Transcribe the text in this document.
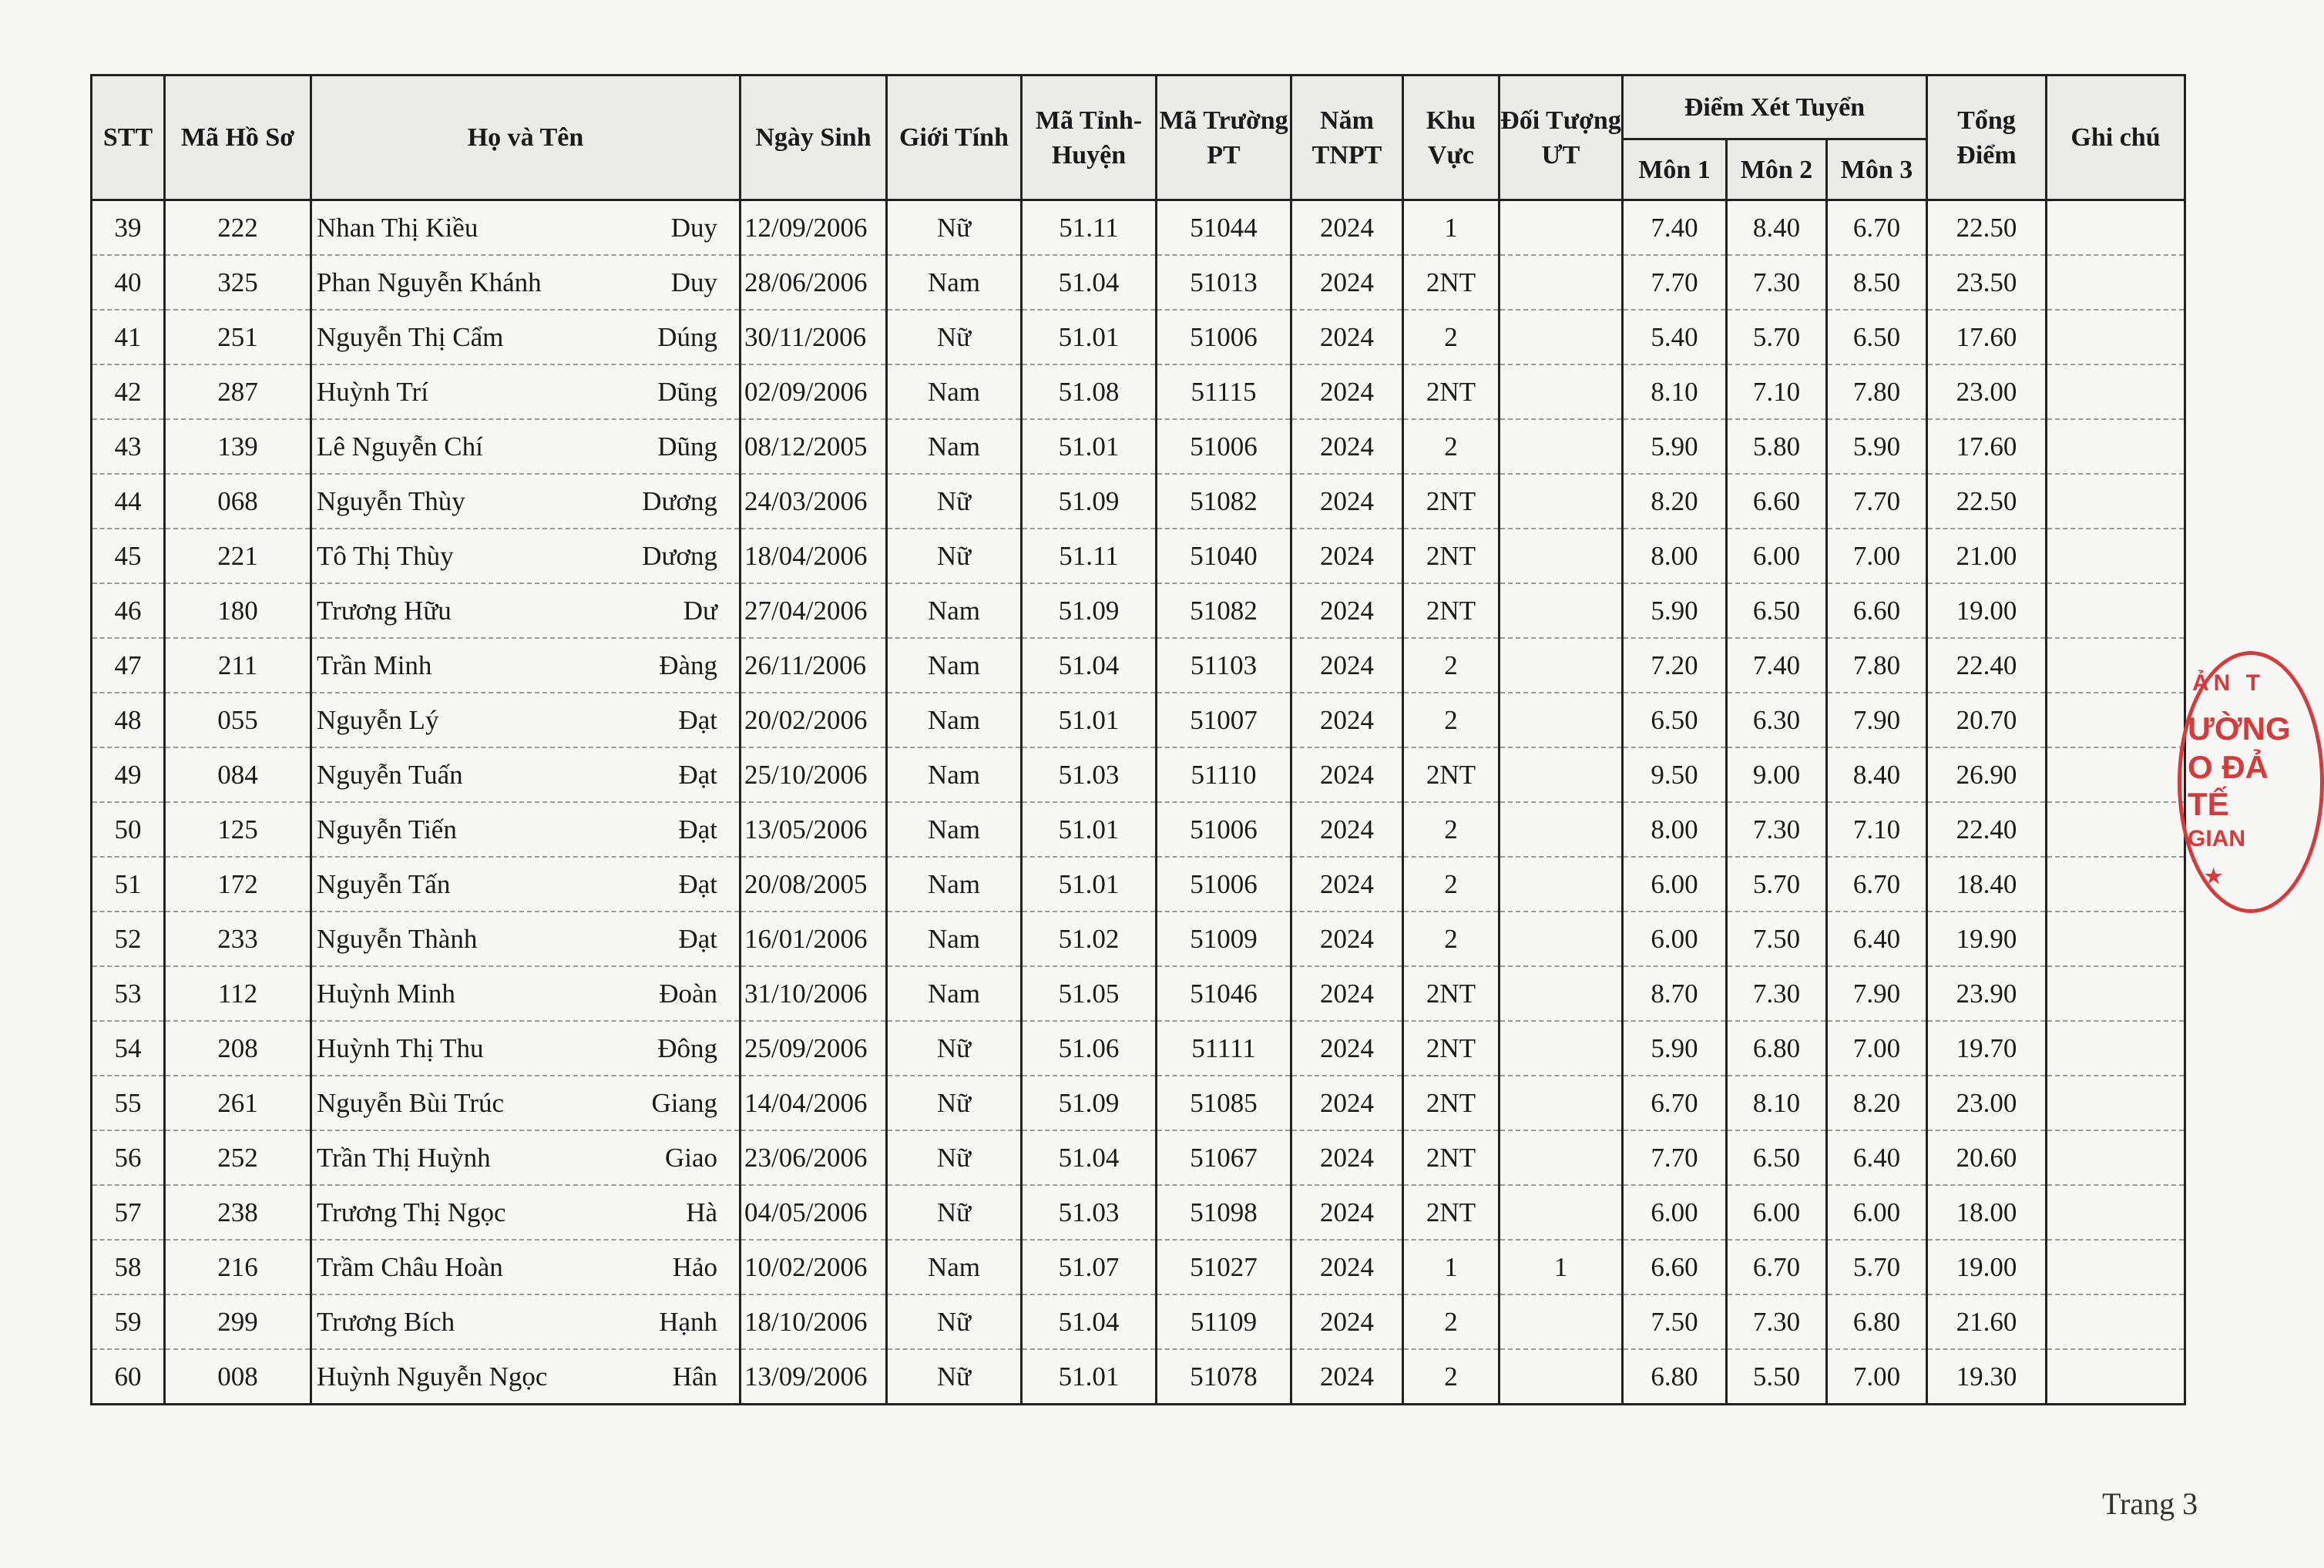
STT	Mã Hồ Sơ	Họ và Tên	Ngày Sinh	Giới Tính	Mã Tỉnh-Huyện	Mã Trường PT	Năm TNPT	Khu Vực	Đối Tượng ƯT	Điểm Xét Tuyển			Tổng Điểm	Ghi chú
										Môn 1	Môn 2	Môn 3		
39	222	Nhan Thị Kiều Duy	12/09/2006	Nữ	51.11	51044	2024	1		7.40	8.40	6.70	22.50	
40	325	Phan Nguyễn Khánh Duy	28/06/2006	Nam	51.04	51013	2024	2NT		7.70	7.30	8.50	23.50	
41	251	Nguyễn Thị Cẩm Dúng	30/11/2006	Nữ	51.01	51006	2024	2		5.40	5.70	6.50	17.60	
42	287	Huỳnh Trí Dũng	02/09/2006	Nam	51.08	51115	2024	2NT		8.10	7.10	7.80	23.00	
43	139	Lê Nguyễn Chí Dũng	08/12/2005	Nam	51.01	51006	2024	2		5.90	5.80	5.90	17.60	
44	068	Nguyễn Thùy Dương	24/03/2006	Nữ	51.09	51082	2024	2NT		8.20	6.60	7.70	22.50	
45	221	Tô Thị Thùy Dương	18/04/2006	Nữ	51.11	51040	2024	2NT		8.00	6.00	7.00	21.00	
46	180	Trương Hữu Dư	27/04/2006	Nam	51.09	51082	2024	2NT		5.90	6.50	6.60	19.00	
47	211	Trần Minh Đàng	26/11/2006	Nam	51.04	51103	2024	2		7.20	7.40	7.80	22.40	
48	055	Nguyễn Lý Đạt	20/02/2006	Nam	51.01	51007	2024	2		6.50	6.30	7.90	20.70	
49	084	Nguyễn Tuấn Đạt	25/10/2006	Nam	51.03	51110	2024	2NT		9.50	9.00	8.40	26.90	
50	125	Nguyễn Tiến Đạt	13/05/2006	Nam	51.01	51006	2024	2		8.00	7.30	7.10	22.40	
51	172	Nguyễn Tấn Đạt	20/08/2005	Nam	51.01	51006	2024	2		6.00	5.70	6.70	18.40	
52	233	Nguyễn Thành Đạt	16/01/2006	Nam	51.02	51009	2024	2		6.00	7.50	6.40	19.90	
53	112	Huỳnh Minh Đoàn	31/10/2006	Nam	51.05	51046	2024	2NT		8.70	7.30	7.90	23.90	
54	208	Huỳnh Thị Thu Đông	25/09/2006	Nữ	51.06	51111	2024	2NT		5.90	6.80	7.00	19.70	
55	261	Nguyễn Bùi Trúc Giang	14/04/2006	Nữ	51.09	51085	2024	2NT		6.70	8.10	8.20	23.00	
56	252	Trần Thị Huỳnh Giao	23/06/2006	Nữ	51.04	51067	2024	2NT		7.70	6.50	6.40	20.60	
57	238	Trương Thị Ngọc Hà	04/05/2006	Nữ	51.03	51098	2024	2NT		6.00	6.00	6.00	18.00	
58	216	Trầm Châu Hoàn Hảo	10/02/2006	Nam	51.07	51027	2024	1	1	6.60	6.70	5.70	19.00	
59	299	Trương Bích Hạnh	18/10/2006	Nữ	51.04	51109	2024	2		7.50	7.30	6.80	21.60	
60	008	Huỳnh Nguyễn Ngọc Hân	13/09/2006	Nữ	51.01	51078	2024	2		6.80	5.50	7.00	19.30	
ẢN T
ƯỜNG
O ĐẢ
TẾ
GIAN
★
Trang 3
